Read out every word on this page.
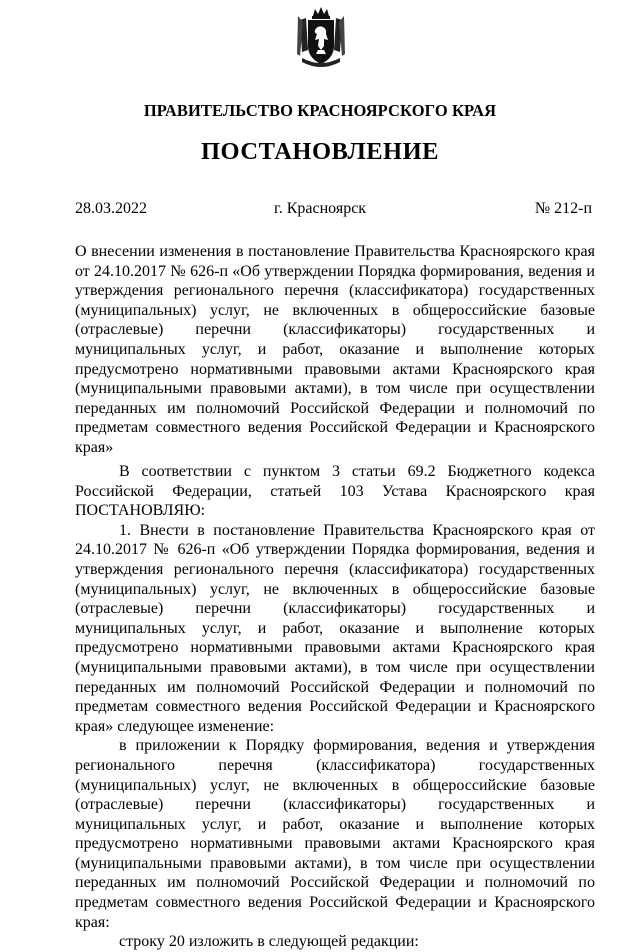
ПРАВИТЕЛЬСТВО КРАСНОЯРСКОГО КРАЯ
ПОСТАНОВЛЕНИЕ
28.03.2022	г. Красноярск	№ 212-п
О внесении изменения в постановление Правительства Красноярского края от 24.10.2017 № 626-п «Об утверждении Порядка формирования, ведения и утверждения регионального перечня (классификатора) государственных (муниципальных) услуг, не включенных в общероссийские базовые (отраслевые) перечни (классификаторы) государственных и муниципальных услуг, и работ, оказание и выполнение которых предусмотрено нормативными правовыми актами Красноярского края (муниципальными правовыми актами), в том числе при осуществлении переданных им полномочий Российской Федерации и полномочий по предметам совместного ведения Российской Федерации и Красноярского края»

В соответствии с пунктом 3 статьи 69.2 Бюджетного кодекса Российской Федерации, статьей 103 Устава Красноярского края ПОСТАНОВЛЯЮ:

1. Внести в постановление Правительства Красноярского края от 24.10.2017 № 626-п «Об утверждении Порядка формирования, ведения и утверждения регионального перечня (классификатора) государственных (муниципальных) услуг, не включенных в общероссийские базовые (отраслевые) перечни (классификаторы) государственных и муниципальных услуг, и работ, оказание и выполнение которых предусмотрено нормативными правовыми актами Красноярского края (муниципальными правовыми актами), в том числе при осуществлении переданных им полномочий Российской Федерации и полномочий по предметам совместного ведения Российской Федерации и Красноярского края» следующее изменение:

в приложении к Порядку формирования, ведения и утверждения регионального перечня (классификатора) государственных (муниципальных) услуг, не включенных в общероссийские базовые (отраслевые) перечни (классификаторы) государственных и муниципальных услуг, и работ, оказание и выполнение которых предусмотрено нормативными правовыми актами Красноярского края (муниципальными правовыми актами), в том числе при осуществлении переданных им полномочий Российской Федерации и полномочий по предметам совместного ведения Российской Федерации и Красноярского края:

строку 20 изложить в следующей редакции:
